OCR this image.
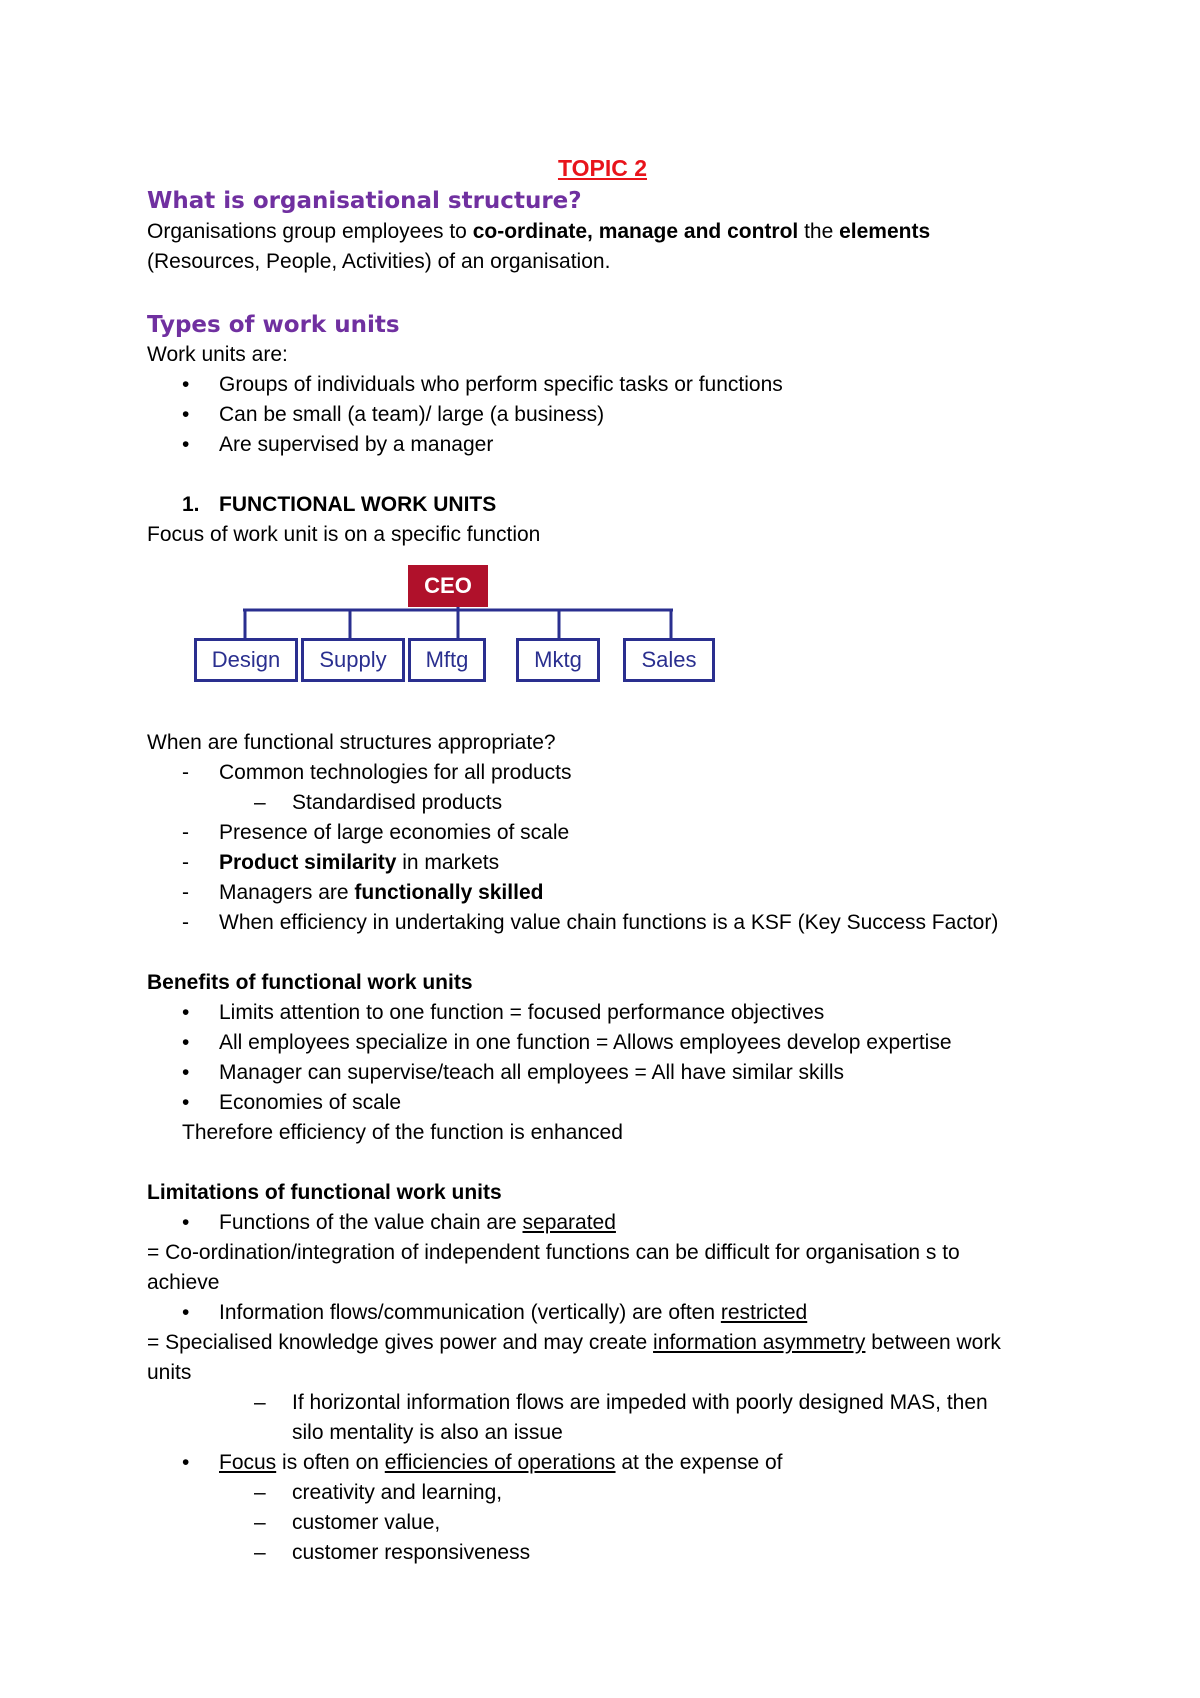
TOPIC 2
What is organisational structure?
Organisations group employees to co-ordinate, manage and control the elements
(Resources, People, Activities) of an organisation.
Types of work units
Work units are:
• Groups of individuals who perform specific tasks or functions
• Can be small (a team)/ large (a business)
• Are supervised by a manager
1. FUNCTIONAL WORK UNITS
Focus of work unit is on a specific function
CEO
Design	Supply	Mftg	Mktg	Sales
When are functional structures appropriate?
- Common technologies for all products
– Standardised products
- Presence of large economies of scale
- Product similarity in markets
- Managers are functionally skilled
- When efficiency in undertaking value chain functions is a KSF (Key Success Factor)
Benefits of functional work units
• Limits attention to one function = focused performance objectives
• All employees specialize in one function = Allows employees develop expertise
• Manager can supervise/teach all employees = All have similar skills
• Economies of scale
Therefore efficiency of the function is enhanced
Limitations of functional work units
• Functions of the value chain are separated
= Co-ordination/integration of independent functions can be difficult for organisation s to
achieve
• Information flows/communication (vertically) are often restricted
= Specialised knowledge gives power and may create information asymmetry between work
units
– If horizontal information flows are impeded with poorly designed MAS, then
silo mentality is also an issue
• Focus is often on efficiencies of operations at the expense of
– creativity and learning,
– customer value,
– customer responsiveness
